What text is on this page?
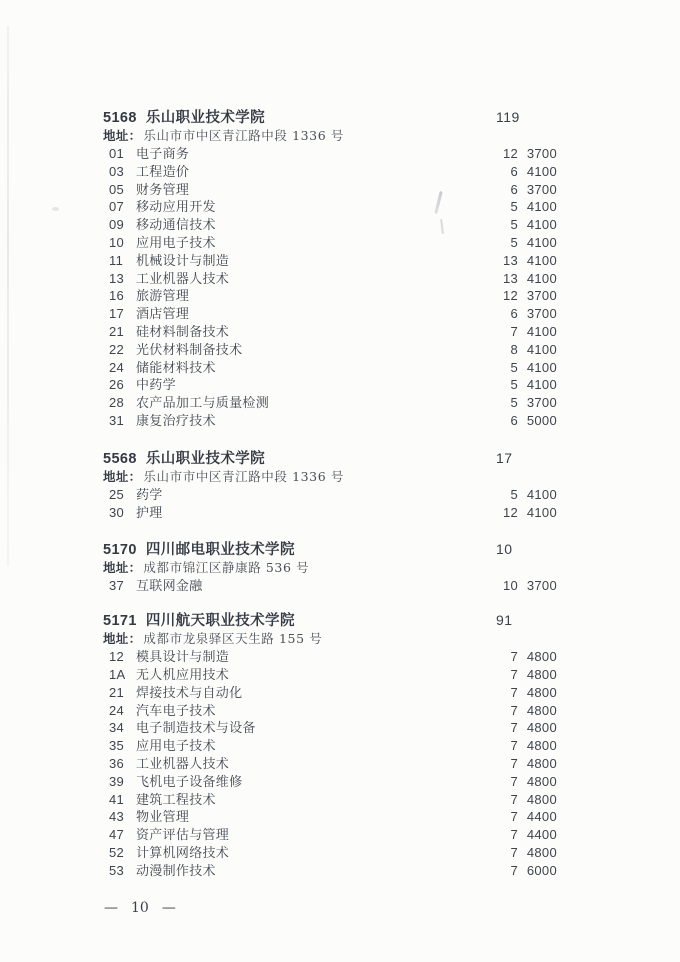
5168 乐山职业技术学院	119
地址： 乐山市市中区青江路中段 1336 号
01 电子商务	12 3700
03 工程造价	6 4100
05 财务管理	6 3700
07 移动应用开发	5 4100
09 移动通信技术	5 4100
10 应用电子技术	5 4100
11 机械设计与制造	13 4100
13 工业机器人技术	13 4100
16 旅游管理	12 3700
17 酒店管理	6 3700
21 硅材料制备技术	7 4100
22 光伏材料制备技术	8 4100
24 储能材料技术	5 4100
26 中药学	5 4100
28 农产品加工与质量检测	5 3700
31 康复治疗技术	6 5000
5568 乐山职业技术学院	17
地址： 乐山市市中区青江路中段 1336 号
25 药学	5 4100
30 护理	12 4100
5170 四川邮电职业技术学院	10
地址： 成都市锦江区静康路 536 号
37 互联网金融	10 3700
5171 四川航天职业技术学院	91
地址： 成都市龙泉驿区天生路 155 号
12 模具设计与制造	7 4800
1A 无人机应用技术	7 4800
21 焊接技术与自动化	7 4800
24 汽车电子技术	7 4800
34 电子制造技术与设备	7 4800
35 应用电子技术	7 4800
36 工业机器人技术	7 4800
39 飞机电子设备维修	7 4800
41 建筑工程技术	7 4800
43 物业管理	7 4400
47 资产评估与管理	7 4400
52 计算机网络技术	7 4800
53 动漫制作技术	7 6000
— 10 —
